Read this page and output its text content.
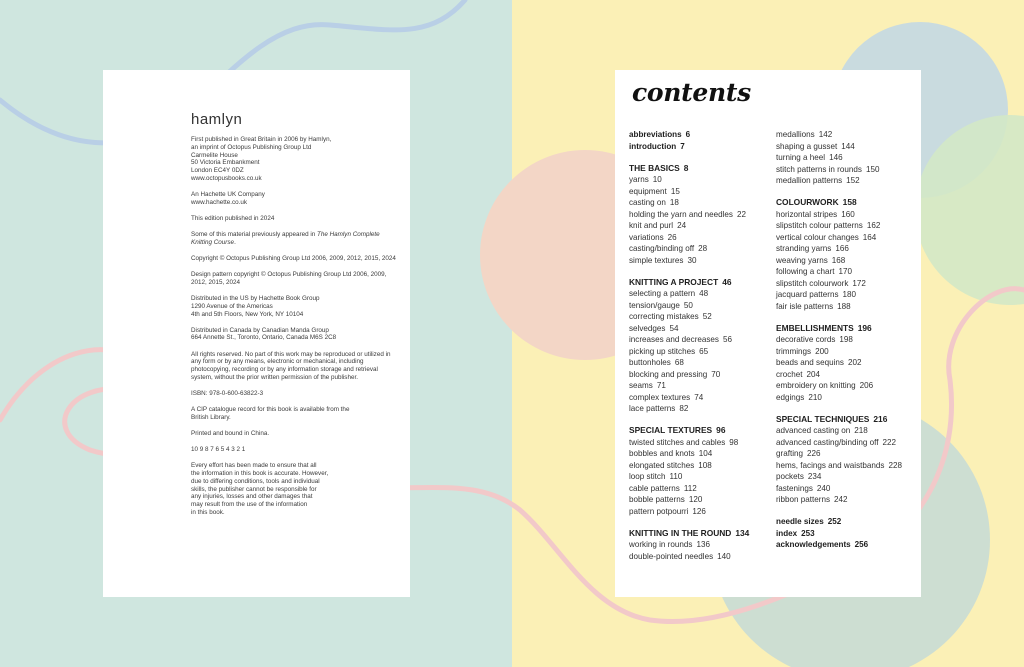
hamlyn

First published in Great Britain in 2006 by Hamlyn,
an imprint of Octopus Publishing Group Ltd
Carmelite House
50 Victoria Embankment
London EC4Y 0DZ
www.octopusbooks.co.uk

An Hachette UK Company
www.hachette.co.uk

This edition published in 2024

Some of this material previously appeared in The Hamlyn Complete Knitting Course.

Copyright © Octopus Publishing Group Ltd 2006, 2009, 2012, 2015, 2024

Design pattern copyright © Octopus Publishing Group Ltd 2006, 2009, 2012, 2015, 2024

Distributed in the US by Hachette Book Group
1290 Avenue of the Americas
4th and 5th Floors, New York, NY 10104

Distributed in Canada by Canadian Manda Group
664 Annette St., Toronto, Ontario, Canada M6S 2C8

All rights reserved. No part of this work may be reproduced or utilized in any form or by any means, electronic or mechanical, including photocopying, recording or by any information storage and retrieval system, without the prior written permission of the publisher.

ISBN: 978-0-600-63822-3

A CIP catalogue record for this book is available from the
British Library.

Printed and bound in China.

10 9 8 7 6 5 4 3 2 1

Every effort has been made to ensure that all
the information in this book is accurate. However,
due to differing conditions, tools and individual
skills, the publisher cannot be responsible for
any injuries, losses and other damages that
may result from the use of the information
in this book.

contents
abbreviations 6
introduction 7
THE BASICS 8
yarns 10
equipment 15
casting on 18
holding the yarn and needles 22
knit and purl 24
variations 26
casting/binding off 28
simple textures 30
KNITTING A PROJECT 46
selecting a pattern 48
tension/gauge 50
correcting mistakes 52
selvedges 54
increases and decreases 56
picking up stitches 65
buttonholes 68
blocking and pressing 70
seams 71
complex textures 74
lace patterns 82
SPECIAL TEXTURES 96
twisted stitches and cables 98
bobbles and knots 104
elongated stitches 108
loop stitch 110
cable patterns 112
bobble patterns 120
pattern potpourri 126
KNITTING IN THE ROUND 134
working in rounds 136
double-pointed needles 140
medallions 142
shaping a gusset 144
turning a heel 146
stitch patterns in rounds 150
medallion patterns 152
COLOURWORK 158
horizontal stripes 160
slipstitch colour patterns 162
vertical colour changes 164
stranding yarns 166
weaving yarns 168
following a chart 170
slipstitch colourwork 172
jacquard patterns 180
fair isle patterns 188
EMBELLISHMENTS 196
decorative cords 198
trimmings 200
beads and sequins 202
crochet 204
embroidery on knitting 206
edgings 210
SPECIAL TECHNIQUES 216
advanced casting on 218
advanced casting/binding off 222
grafting 226
hems, facings and waistbands 228
pockets 234
fastenings 240
ribbon patterns 242
needle sizes 252
index 253
acknowledgements 256
